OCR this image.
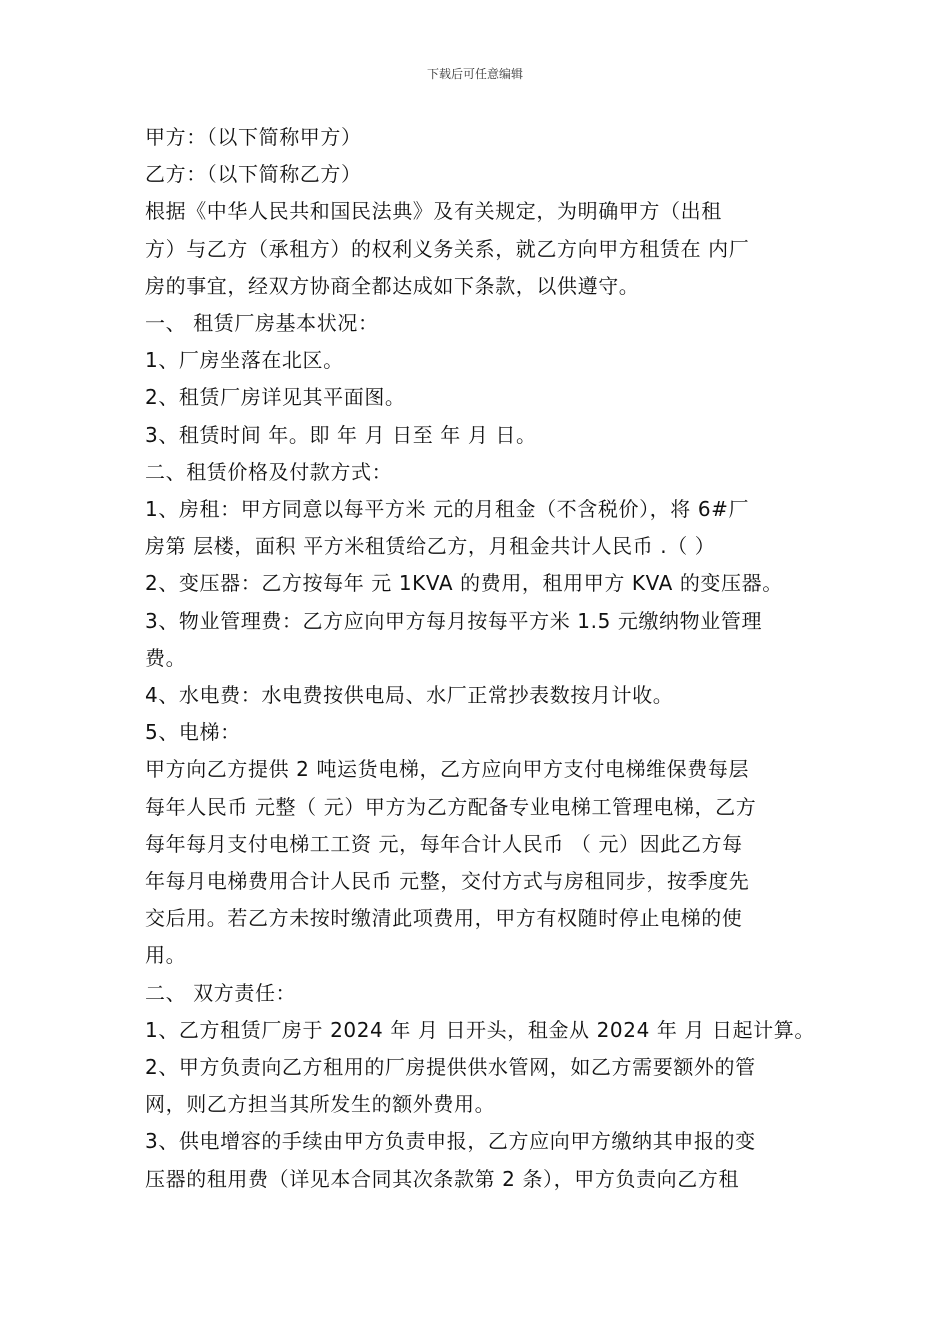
下载后可任意编辑

甲方：（以下简称甲方）

乙方：（以下简称乙方）

根据《中华人民共和国民法典》及有关规定，为明确甲方（出租

方）与乙方（承租方）的权利义务关系，就乙方向甲方租赁在 内厂

房的事宜，经双方协商全都达成如下条款，以供遵守。

一、 租赁厂房基本状况：

1、厂房坐落在北区。

2、租赁厂房详见其平面图。

3、租赁时间 年。即 年 月 日至 年 月 日。

二、租赁价格及付款方式：

1、房租：甲方同意以每平方米 元的月租金（不含税价），将 6#厂

房第 层楼，面积 平方米租赁给乙方，月租金共计人民币 .（ ）

2、变压器：乙方按每年 元 1KVA 的费用，租用甲方 KVA 的变压器。

3、物业管理费：乙方应向甲方每月按每平方米 1.5 元缴纳物业管理

费。

4、水电费：水电费按供电局、水厂正常抄表数按月计收。

5、电梯：

甲方向乙方提供 2 吨运货电梯，乙方应向甲方支付电梯维保费每层

每年人民币 元整（ 元）甲方为乙方配备专业电梯工管理电梯，乙方

每年每月支付电梯工工资 元，每年合计人民币 （ 元）因此乙方每

年每月电梯费用合计人民币 元整，交付方式与房租同步，按季度先

交后用。若乙方未按时缴清此项费用，甲方有权随时停止电梯的使

用。

二、 双方责任：

1、乙方租赁厂房于 2024 年 月 日开头，租金从 2024 年 月 日起计算。

2、甲方负责向乙方租用的厂房提供供水管网，如乙方需要额外的管

网，则乙方担当其所发生的额外费用。

3、供电增容的手续由甲方负责申报，乙方应向甲方缴纳其申报的变

压器的租用费（详见本合同其次条款第 2 条），甲方负责向乙方租
